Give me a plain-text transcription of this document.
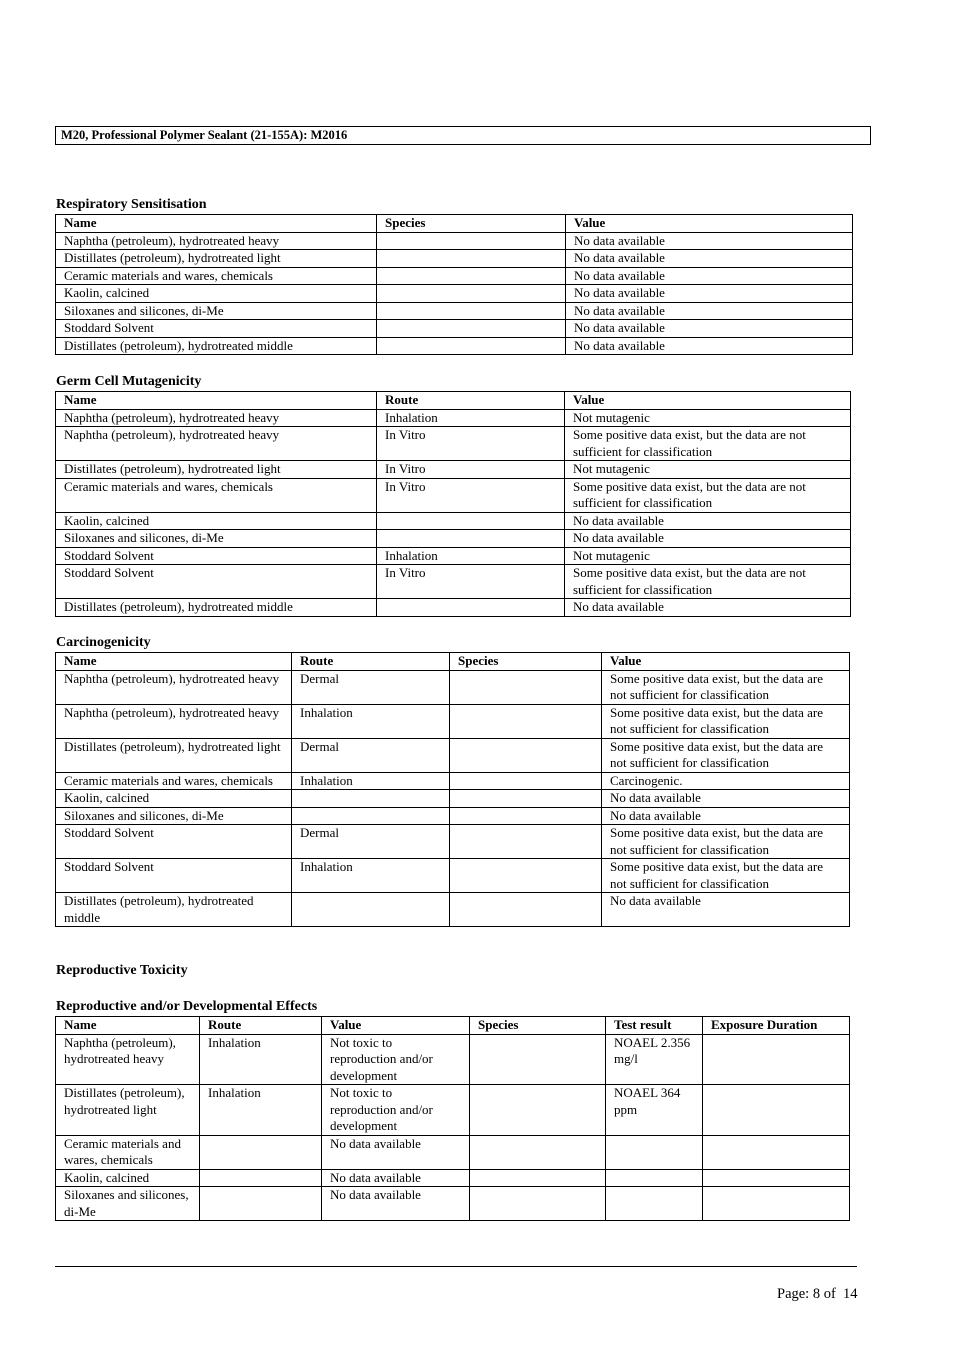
M20, Professional Polymer Sealant (21-155A): M2016
Respiratory Sensitisation
Name	Species	Value
Naphtha (petroleum), hydrotreated heavy		No data available
Distillates (petroleum), hydrotreated light		No data available
Ceramic materials and wares, chemicals		No data available
Kaolin, calcined		No data available
Siloxanes and silicones, di-Me		No data available
Stoddard Solvent		No data available
Distillates (petroleum), hydrotreated middle		No data available
Germ Cell Mutagenicity
Name	Route	Value
Naphtha (petroleum), hydrotreated heavy	Inhalation	Not mutagenic
Naphtha (petroleum), hydrotreated heavy	In Vitro	Some positive data exist, but the data are not sufficient for classification
Distillates (petroleum), hydrotreated light	In Vitro	Not mutagenic
Ceramic materials and wares, chemicals	In Vitro	Some positive data exist, but the data are not sufficient for classification
Kaolin, calcined		No data available
Siloxanes and silicones, di-Me		No data available
Stoddard Solvent	Inhalation	Not mutagenic
Stoddard Solvent	In Vitro	Some positive data exist, but the data are not sufficient for classification
Distillates (petroleum), hydrotreated middle		No data available
Carcinogenicity
Name	Route	Species	Value
Naphtha (petroleum), hydrotreated heavy	Dermal		Some positive data exist, but the data are not sufficient for classification
Naphtha (petroleum), hydrotreated heavy	Inhalation		Some positive data exist, but the data are not sufficient for classification
Distillates (petroleum), hydrotreated light	Dermal		Some positive data exist, but the data are not sufficient for classification
Ceramic materials and wares, chemicals	Inhalation		Carcinogenic.
Kaolin, calcined			No data available
Siloxanes and silicones, di-Me			No data available
Stoddard Solvent	Dermal		Some positive data exist, but the data are not sufficient for classification
Stoddard Solvent	Inhalation		Some positive data exist, but the data are not sufficient for classification
Distillates (petroleum), hydrotreated middle			No data available
Reproductive Toxicity
Reproductive and/or Developmental Effects
Name	Route	Value	Species	Test result	Exposure Duration
Naphtha (petroleum), hydrotreated heavy	Inhalation	Not toxic to reproduction and/or development		NOAEL 2.356 mg/l	
Distillates (petroleum), hydrotreated light	Inhalation	Not toxic to reproduction and/or development		NOAEL 364 ppm	
Ceramic materials and wares, chemicals		No data available			
Kaolin, calcined		No data available			
Siloxanes and silicones, di-Me		No data available			
Page: 8 of  14
